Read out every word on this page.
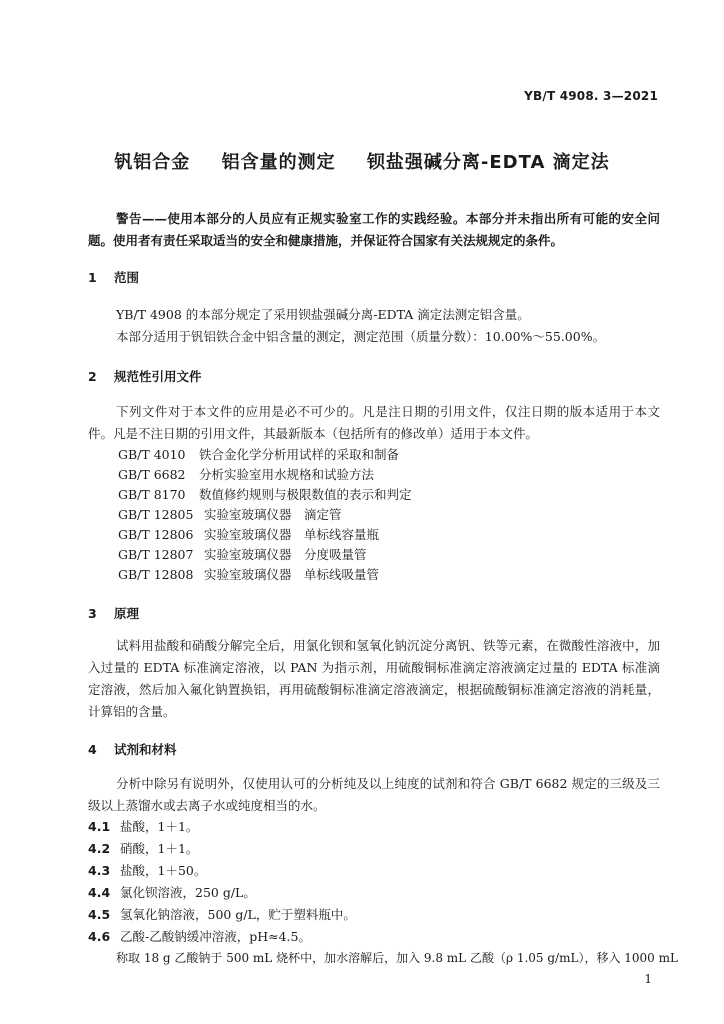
YB/T 4908. 3—2021
钒铝合金 铝含量的测定 钡盐强碱分离-EDTA 滴定法
警告——使用本部分的人员应有正规实验室工作的实践经验。本部分并未指出所有可能的安全问题。使用者有责任采取适当的安全和健康措施，并保证符合国家有关法规规定的条件。
1 范围
YB/T 4908 的本部分规定了采用钡盐强碱分离-EDTA 滴定法测定铝含量。
本部分适用于钒铝铁合金中铝含量的测定，测定范围（质量分数）：10.00%～55.00%。
2 规范性引用文件
下列文件对于本文件的应用是必不可少的。凡是注日期的引用文件，仅注日期的版本适用于本文件。凡是不注日期的引用文件，其最新版本（包括所有的修改单）适用于本文件。
GB/T 4010 铁合金化学分析用试样的采取和制备
GB/T 6682 分析实验室用水规格和试验方法
GB/T 8170 数值修约规则与极限数值的表示和判定
GB/T 12805 实验室玻璃仪器　滴定管
GB/T 12806 实验室玻璃仪器　单标线容量瓶
GB/T 12807 实验室玻璃仪器　分度吸量管
GB/T 12808 实验室玻璃仪器　单标线吸量管
3 原理
试料用盐酸和硝酸分解完全后，用氯化钡和氢氧化钠沉淀分离钒、铁等元素，在微酸性溶液中，加入过量的 EDTA 标准滴定溶液，以 PAN 为指示剂，用硫酸铜标准滴定溶液滴定过量的 EDTA 标准滴定溶液，然后加入氟化钠置换铝，再用硫酸铜标准滴定溶液滴定，根据硫酸铜标准滴定溶液的消耗量，计算铝的含量。
4 试剂和材料
分析中除另有说明外，仅使用认可的分析纯及以上纯度的试剂和符合 GB/T 6682 规定的三级及三级以上蒸馏水或去离子水或纯度相当的水。
4.1 盐酸，1＋1。
4.2 硝酸，1＋1。
4.3 盐酸，1＋50。
4.4 氯化钡溶液，250 g/L。
4.5 氢氧化钠溶液，500 g/L，贮于塑料瓶中。
4.6 乙酸-乙酸钠缓冲溶液，pH≈4.5。
称取 18 g 乙酸钠于 500 mL 烧杯中，加水溶解后，加入 9.8 mL 乙酸（ρ 1.05 g/mL），移入 1000 mL
1
